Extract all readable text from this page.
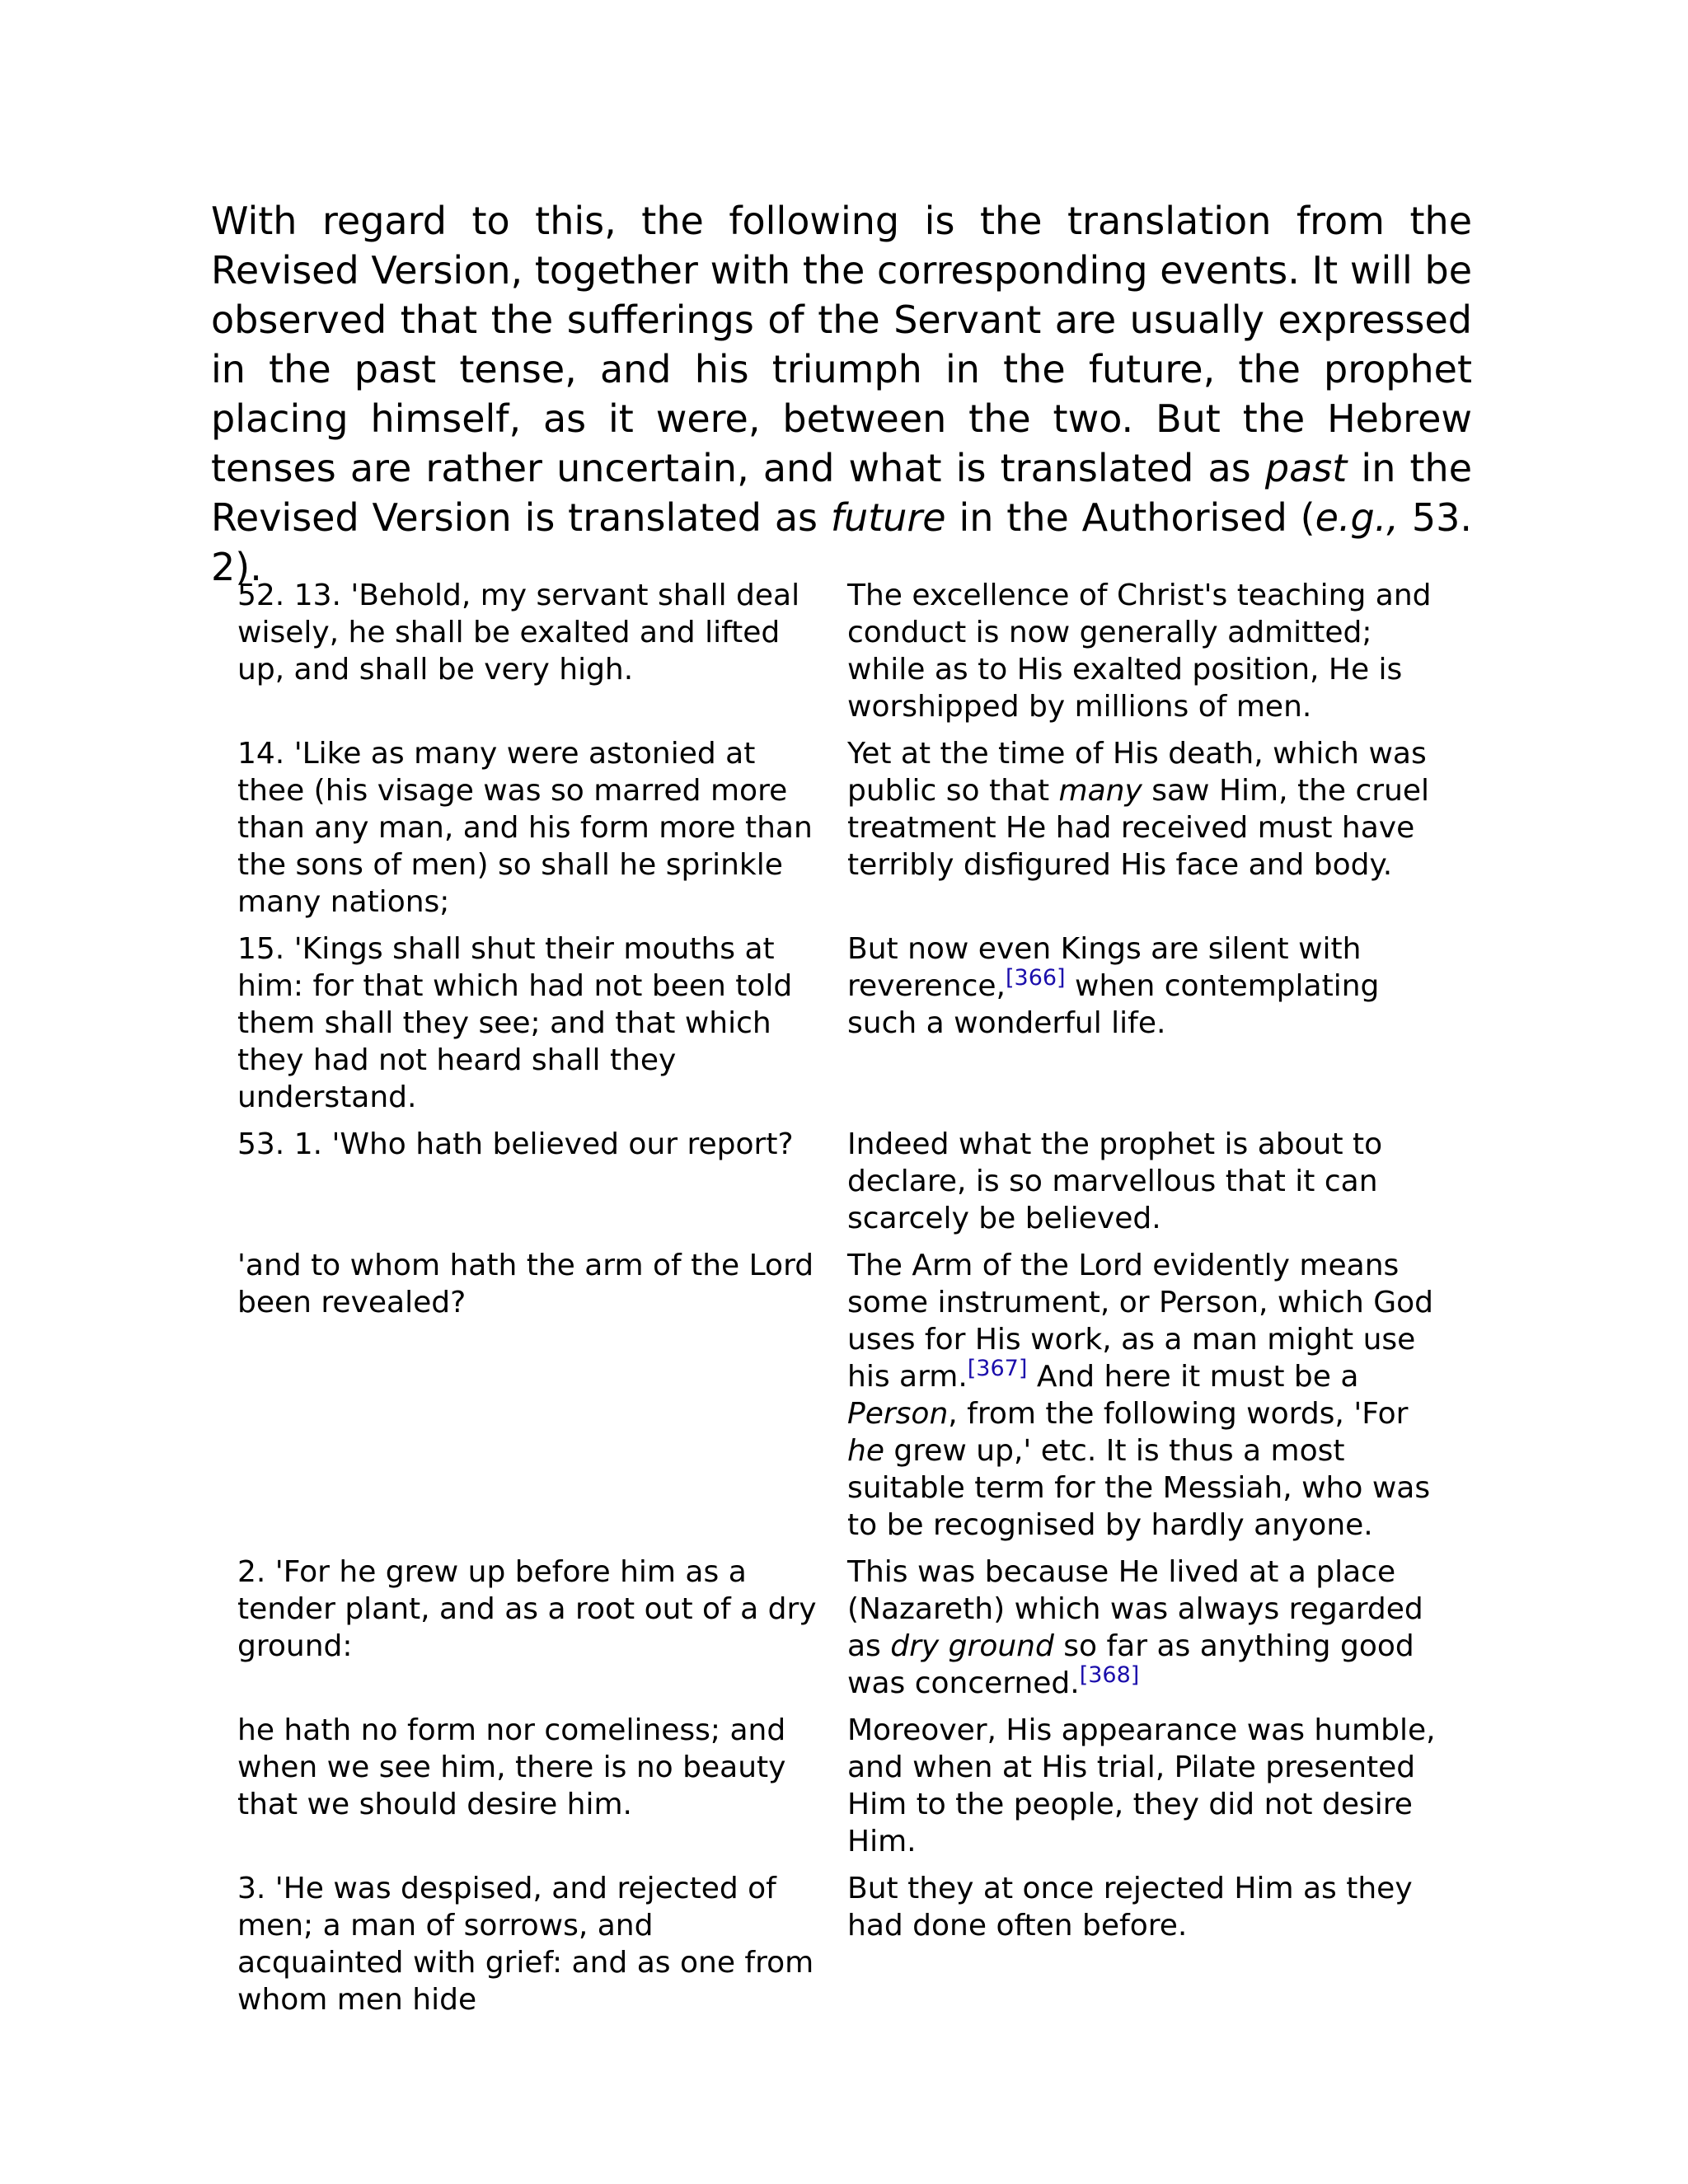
With regard to this, the following is the translation from the Revised Version, together with the corresponding events. It will be observed that the sufferings of the Servant are usually expressed in the past tense, and his triumph in the future, the prophet placing himself, as it were, between the two. But the Hebrew tenses are rather uncertain, and what is translated as past in the Revised Version is translated as future in the Authorised (e.g., 53. 2).

52. 13. 'Behold, my servant shall deal wisely, he shall be exalted and lifted up, and shall be very high.	The excellence of Christ's teaching and conduct is now generally admitted; while as to His exalted position, He is worshipped by millions of men.
14. 'Like as many were astonied at thee (his visage was so marred more than any man, and his form more than the sons of men) so shall he sprinkle many nations;	Yet at the time of His death, which was public so that many saw Him, the cruel treatment He had received must have terribly disfigured His face and body.
15. 'Kings shall shut their mouths at him: for that which had not been told them shall they see; and that which they had not heard shall they understand.	But now even Kings are silent with reverence,[366] when contemplating such a wonderful life.
53. 1. 'Who hath believed our report?	Indeed what the prophet is about to declare, is so marvellous that it can scarcely be believed.
'and to whom hath the arm of the Lord been revealed?	The Arm of the Lord evidently means some instrument, or Person, which God uses for His work, as a man might use his arm.[367] And here it must be a Person, from the following words, 'For he grew up,' etc. It is thus a most suitable term for the Messiah, who was to be recognised by hardly anyone.
2. 'For he grew up before him as a tender plant, and as a root out of a dry ground:	This was because He lived at a place (Nazareth) which was always regarded as dry ground so far as anything good was concerned.[368]
he hath no form nor comeliness; and when we see him, there is no beauty that we should desire him.	Moreover, His appearance was humble, and when at His trial, Pilate presented Him to the people, they did not desire Him.
3. 'He was despised, and rejected of men; a man of sorrows, and acquainted with grief: and as one from whom men hide	But they at once rejected Him as they had done often before.
